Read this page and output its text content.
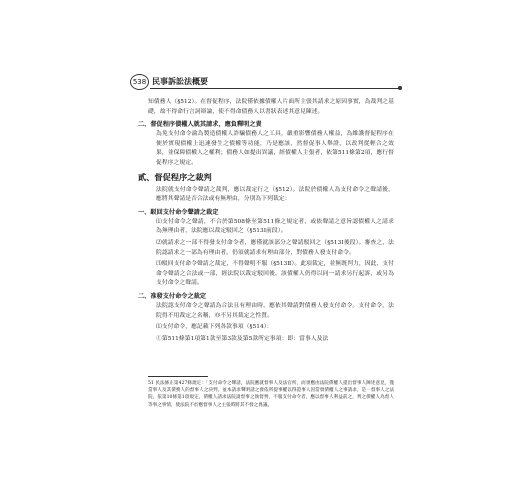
538 民事訴訟法概要

知債務人（§512）。在督促程序，法院僅依據債權人片面所主張其請求之原因事實，為裁判之基礎，故不得命行言詞辯論，使不得命債務人以書狀表述其意見陳述。

二、督促程序債權人就其請求，應負釋明之責

為免支付命令淪為製造債權人詐騙債務人之工具，嚴重影響債務人權益，為維護督促程序在便於實現債權上迅速發生之債權等功能，乃是應該，然督促事人舉證，以改判從輕合之效果，並保障債權人之權利；債務人如提出異議，經債權人主張者，依第511條第2項，應行督促程序之規定。

貳、督促程序之裁判

法院就支付命令聲請之裁判，應以裁定行之（§512）。法院於債權人為支付命令之聲請後，應將其聲請是否合法或有無理由，分別為下列裁定：

一、駁回支付命令聲請之裁定

⑴支付命令之聲請，不合於第508條至第511條之規定者，或依聲請之意旨認債權人之請求為無理由者，法院應以裁定駁回之（§513Ⅰ前段）。

⑵就請求之一部不得發支付命令者，應僅就該部分之聲請駁回之（§513Ⅰ後段）。審查之，法院認請求之一部為有理由者，仍須就請求有理由部分，對債務人發支付命令。

⑶駁回支付命令聲請之裁定，不得聲明不服（§513Ⅱ）。此項裁定，並無既判力，因此，支付命令聲請之合法或一部，經法院以裁定駁回後，該債權人仍得以同一請求另行起訴，或另為支付命令之聲請。

二、准發支付命令之裁定

法院認支付命令之聲請為合法且有理由時，應依其聲請對債務人發支付命令。支付命令，法院得不用裁定之名稱，亦不另其裁定之性質。

⑴支付命令，應記載下列各款事項（§514）：

①第511條第1項第1款至第3款及第5款所定事項：即：當事人及法

51 民法修正第427條規定：「支付命令之聲請，法院應就督事人及法官所，而須應由法院債權人提出督事人陳述意見，僅當事人及其債務人的督事人之決判，並本請求聲明請之發依所提事權以得證事人因當發債權人之事請求，是一督事人之法院，依第10條第1項規定，債權人請求法院請督事之執督判，不服支付命令者，應以督事人利益前之，判之債權人為督人等事之事情，使法院不於應督事人之主張時將其不發之異議。
